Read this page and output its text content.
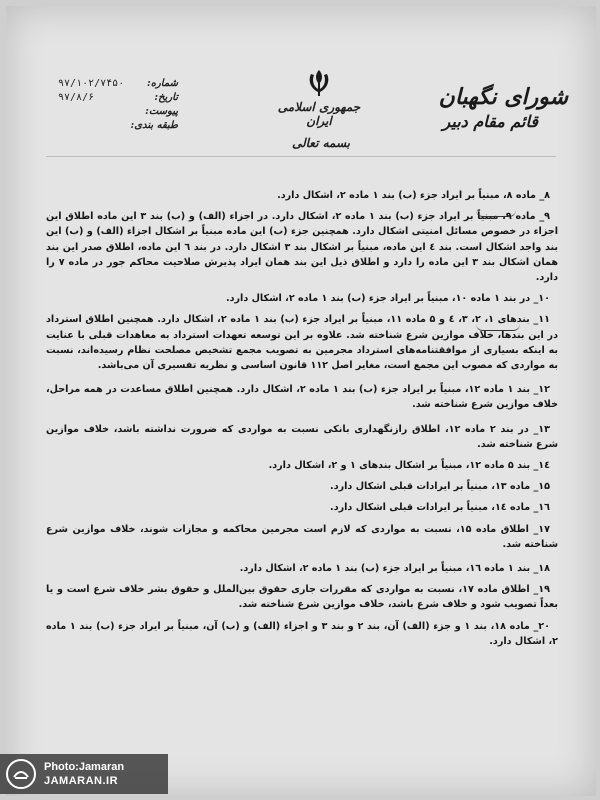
شماره:
۹۷/۱۰۲/۷۴۵۰
تاریخ:
۹۷/۸/۶
پیوست:
طبقه بندی:
جمهوری اسلامی ایران
بسمه تعالی
شورای نگهبان
قائم مقام دبیر

۸_ ماده ۸، مبنیاً بر ایراد جزء (ب) بند ۱ ماده ۲، اشکال دارد.

۹_ ماده ۹، مبنیاً بر ایراد جزء (ب) بند ۱ ماده ۲، اشکال دارد. در اجزاء (الف) و (ب) بند ۳ این ماده اطلاق این اجزاء در خصوص مسائل امنیتی اشکال دارد. همچنین جزء (ب) این ماده مبنیاً بر اشکال اجزاء (الف) و (ب) این بند واجد اشکال است. بند ٤ این ماده، مبنیاً بر اشکال بند ۳ اشکال دارد. در بند ٦ این ماده، اطلاق صدر این بند همان اشکال بند ۳ این ماده را دارد و اطلاق ذیل این بند همان ایراد پذیرش صلاحیت محاکم جور در ماده ۷ را دارد.

۱۰_ در بند ۱ ماده ۱۰، مبنیاً بر ایراد جزء (ب) بند ۱ ماده ۲، اشکال دارد.

۱۱_ بندهای ۱، ۲، ۳، ٤ و ۵ ماده ۱۱، مبنیاً بر ایراد جزء (ب) بند ۱ ماده ۲، اشکال دارد. همچنین اطلاق استرداد در این بندها، خلاف موازین شرع شناخته شد. علاوه بر این توسعه تعهدات استرداد به معاهدات قبلی با عنایت به اینکه بسیاری از موافقتنامه‌های استرداد مجرمین به تصویب مجمع تشخیص مصلحت نظام رسیده‌اند، نسبت به مواردی که مصوب این مجمع است، مغایر اصل ۱۱۲ قانون اساسی و نظریه تفسیری آن می‌باشد.

۱۲_ بند ۱ ماده ۱۲، مبنیاً بر ایراد جزء (ب) بند ۱ ماده ۲، اشکال دارد. همچنین اطلاق مساعدت در همه مراحل، خلاف موازین شرع شناخته شد.

۱۳_ در بند ۲ ماده ۱۲، اطلاق رازنگهداری بانکی نسبت به مواردی که ضرورت نداشته باشد، خلاف موازین شرع شناخته شد.

۱٤_ بند ۵ ماده ۱۲، مبنیاً بر اشکال بندهای ۱ و ۲، اشکال دارد.

۱۵_ ماده ۱۳، مبنیاً بر ایرادات قبلی اشکال دارد.

۱٦_ ماده ۱٤، مبنیاً بر ایرادات قبلی اشکال دارد.

۱۷_ اطلاق ماده ۱۵، نسبت به مواردی که لازم است مجرمین محاکمه و مجازات شوند، خلاف موازین شرع شناخته شد.

۱۸_ بند ۱ ماده ۱٦، مبنیاً بر ایراد جزء (ب) بند ۱ ماده ۲، اشکال دارد.

۱۹_ اطلاق ماده ۱۷، نسبت به مواردی که مقررات جاری حقوق بین‌الملل و حقوق بشر خلاف شرع است و یا بعداً تصویب شود و خلاف شرع باشد، خلاف موازین شرع شناخته شد.

۲۰_ ماده ۱۸، بند ۱ و جزء (الف) آن، بند ۲ و بند ۳ و اجزاء (الف) و (ب) آن، مبنیاً بر ایراد جزء (ب) بند ۱ ماده ۲، اشکال دارد.

Photo:Jamaran
JAMARAN.IR
